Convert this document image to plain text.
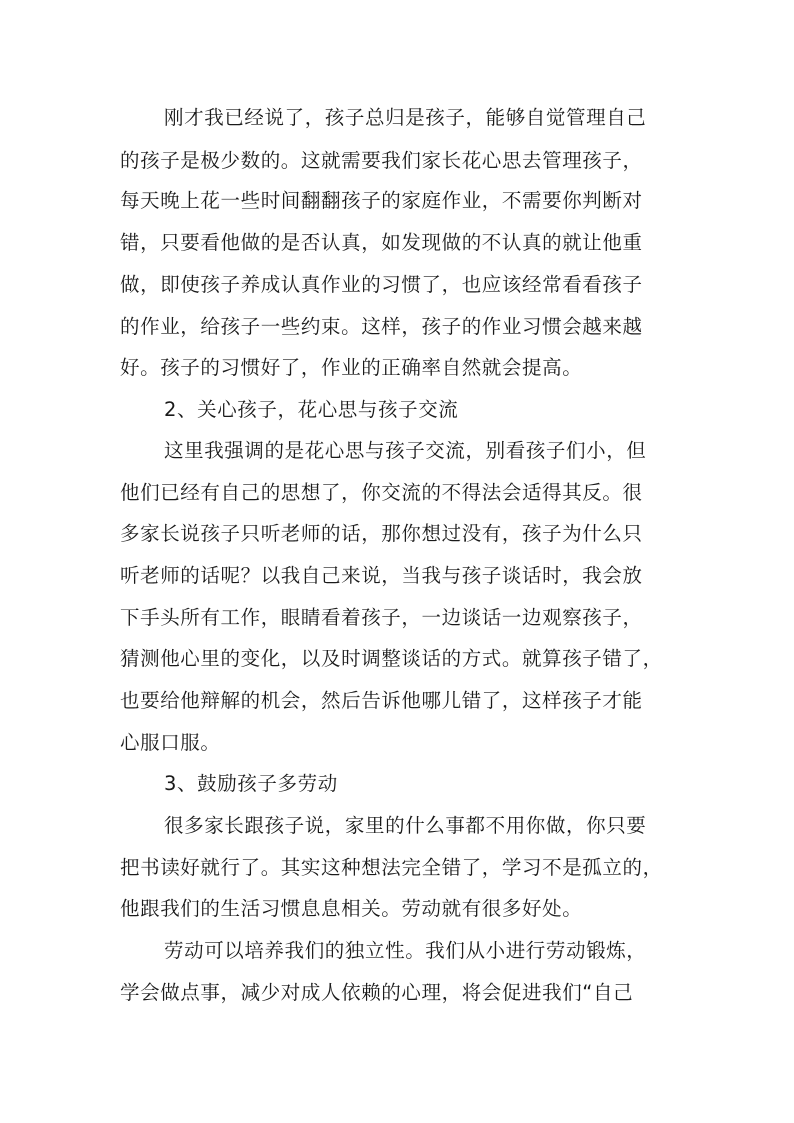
刚才我已经说了，孩子总归是孩子，能够自觉管理自己
的孩子是极少数的。这就需要我们家长花心思去管理孩子，
每天晚上花一些时间翻翻孩子的家庭作业，不需要你判断对
错，只要看他做的是否认真，如发现做的不认真的就让他重
做，即使孩子养成认真作业的习惯了，也应该经常看看孩子
的作业，给孩子一些约束。这样，孩子的作业习惯会越来越
好。孩子的习惯好了，作业的正确率自然就会提高。
2、关心孩子，花心思与孩子交流
这里我强调的是花心思与孩子交流，别看孩子们小，但
他们已经有自己的思想了，你交流的不得法会适得其反。很
多家长说孩子只听老师的话，那你想过没有，孩子为什么只
听老师的话呢？以我自己来说，当我与孩子谈话时，我会放
下手头所有工作，眼睛看着孩子，一边谈话一边观察孩子，
猜测他心里的变化，以及时调整谈话的方式。就算孩子错了，
也要给他辩解的机会，然后告诉他哪儿错了，这样孩子才能
心服口服。
3、鼓励孩子多劳动
很多家长跟孩子说，家里的什么事都不用你做，你只要
把书读好就行了。其实这种想法完全错了，学习不是孤立的，
他跟我们的生活习惯息息相关。劳动就有很多好处。
劳动可以培养我们的独立性。我们从小进行劳动锻炼，
学会做点事，减少对成人依赖的心理，将会促进我们“自己
